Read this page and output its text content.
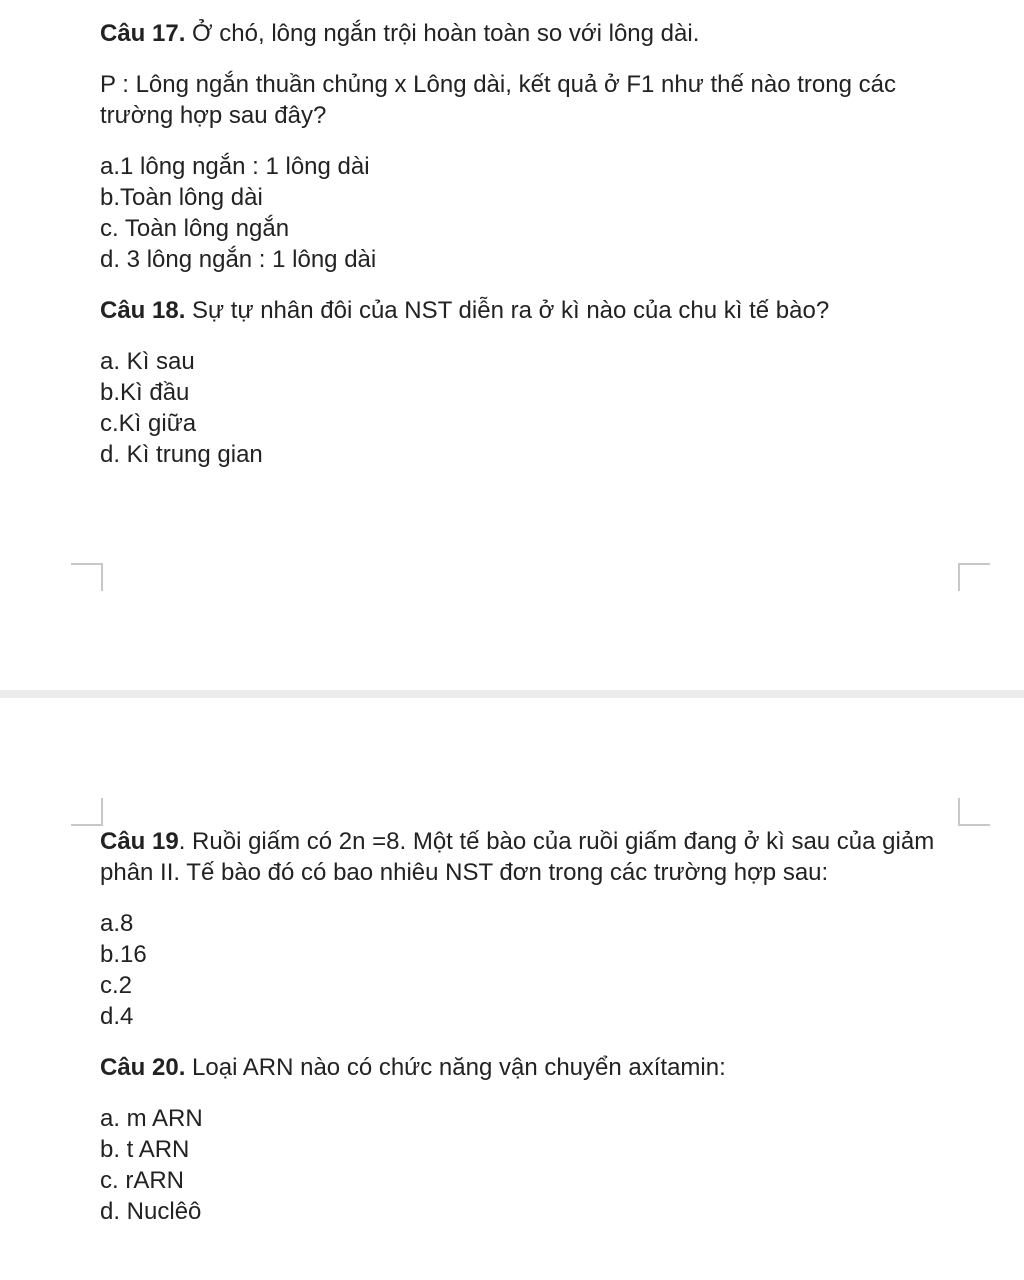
Câu 17. Ở chó, lông ngắn trội hoàn toàn so với lông dài.

P : Lông ngắn thuần chủng x Lông dài, kết quả ở F1 như thế nào trong các trường hợp sau đây?

a.1 lông ngắn : 1 lông dài
b.Toàn lông dài
c. Toàn lông ngắn
d. 3 lông ngắn : 1 lông dài

Câu 18. Sự tự nhân đôi của NST diễn ra ở kì nào của chu kì tế bào?

a. Kì sau
b.Kì đầu
c.Kì giữa
d. Kì trung gian

Câu 19. Ruồi giấm có 2n =8. Một tế bào của ruồi giấm đang ở kì sau của giảm phân II. Tế bào đó có bao nhiêu NST đơn trong các trường hợp sau:

a.8
b.16
c.2
d.4

Câu 20. Loại ARN nào có chức năng vận chuyển axítamin:

a. m ARN
b. t ARN
c. rARN
d. Nuclêô
